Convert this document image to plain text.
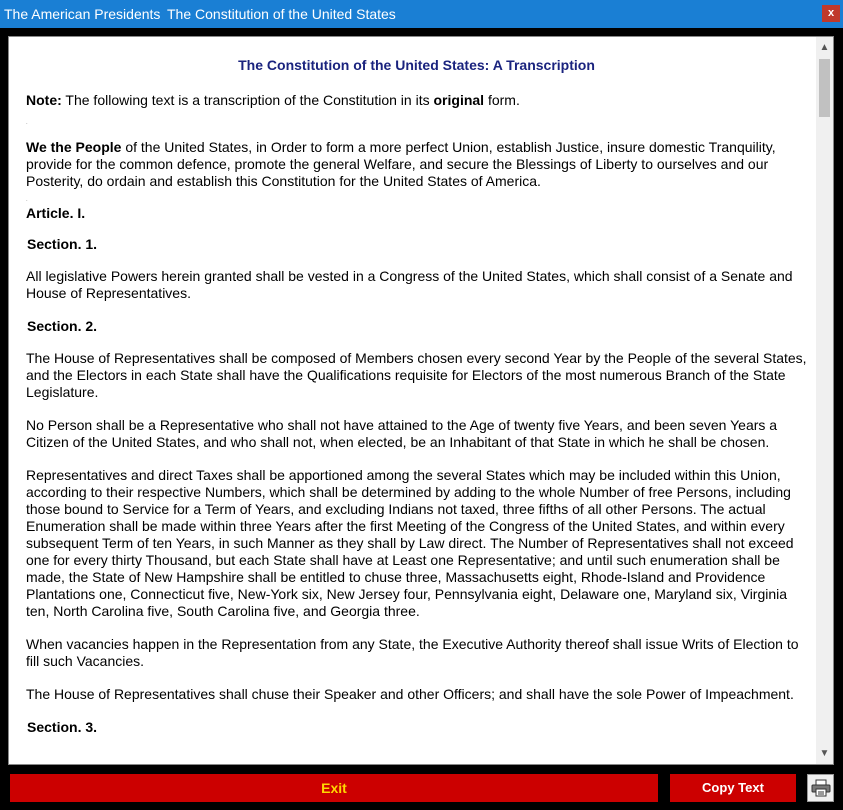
The American Presidents The Constitution of the United States	x
The Constitution of the United States: A Transcription
Note: The following text is a transcription of the Constitution in its original form.
.
We the People of the United States, in Order to form a more perfect Union, establish Justice, insure domestic Tranquility, provide for the common defence, promote the general Welfare, and secure the Blessings of Liberty to ourselves and our Posterity, do ordain and establish this Constitution for the United States of America.
.
Article. I.
Section. 1.
All legislative Powers herein granted shall be vested in a Congress of the United States, which shall consist of a Senate and House of Representatives.
Section. 2.
The House of Representatives shall be composed of Members chosen every second Year by the People of the several States, and the Electors in each State shall have the Qualifications requisite for Electors of the most numerous Branch of the State Legislature.
No Person shall be a Representative who shall not have attained to the Age of twenty five Years, and been seven Years a Citizen of the United States, and who shall not, when elected, be an Inhabitant of that State in which he shall be chosen.
Representatives and direct Taxes shall be apportioned among the several States which may be included within this Union, according to their respective Numbers, which shall be determined by adding to the whole Number of free Persons, including those bound to Service for a Term of Years, and excluding Indians not taxed, three fifths of all other Persons. The actual Enumeration shall be made within three Years after the first Meeting of the Congress of the United States, and within every subsequent Term of ten Years, in such Manner as they shall by Law direct. The Number of Representatives shall not exceed one for every thirty Thousand, but each State shall have at Least one Representative; and until such enumeration shall be made, the State of New Hampshire shall be entitled to chuse three, Massachusetts eight, Rhode-Island and Providence Plantations one, Connecticut five, New-York six, New Jersey four, Pennsylvania eight, Delaware one, Maryland six, Virginia ten, North Carolina five, South Carolina five, and Georgia three.
When vacancies happen in the Representation from any State, the Executive Authority thereof shall issue Writs of Election to fill such Vacancies.
The House of Representatives shall chuse their Speaker and other Officers; and shall have the sole Power of Impeachment.
Section. 3.
▲
▼
Exit	Copy Text
